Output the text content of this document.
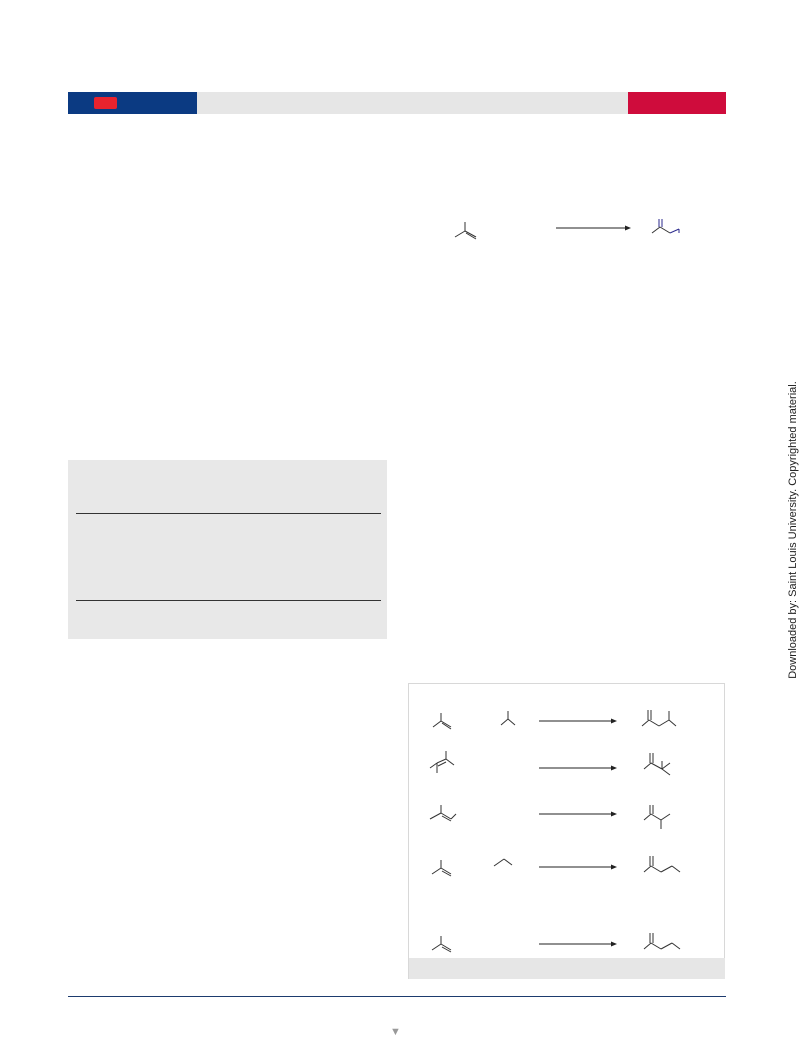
Downloaded by: Saint Louis University. Copyrighted material.
▼
